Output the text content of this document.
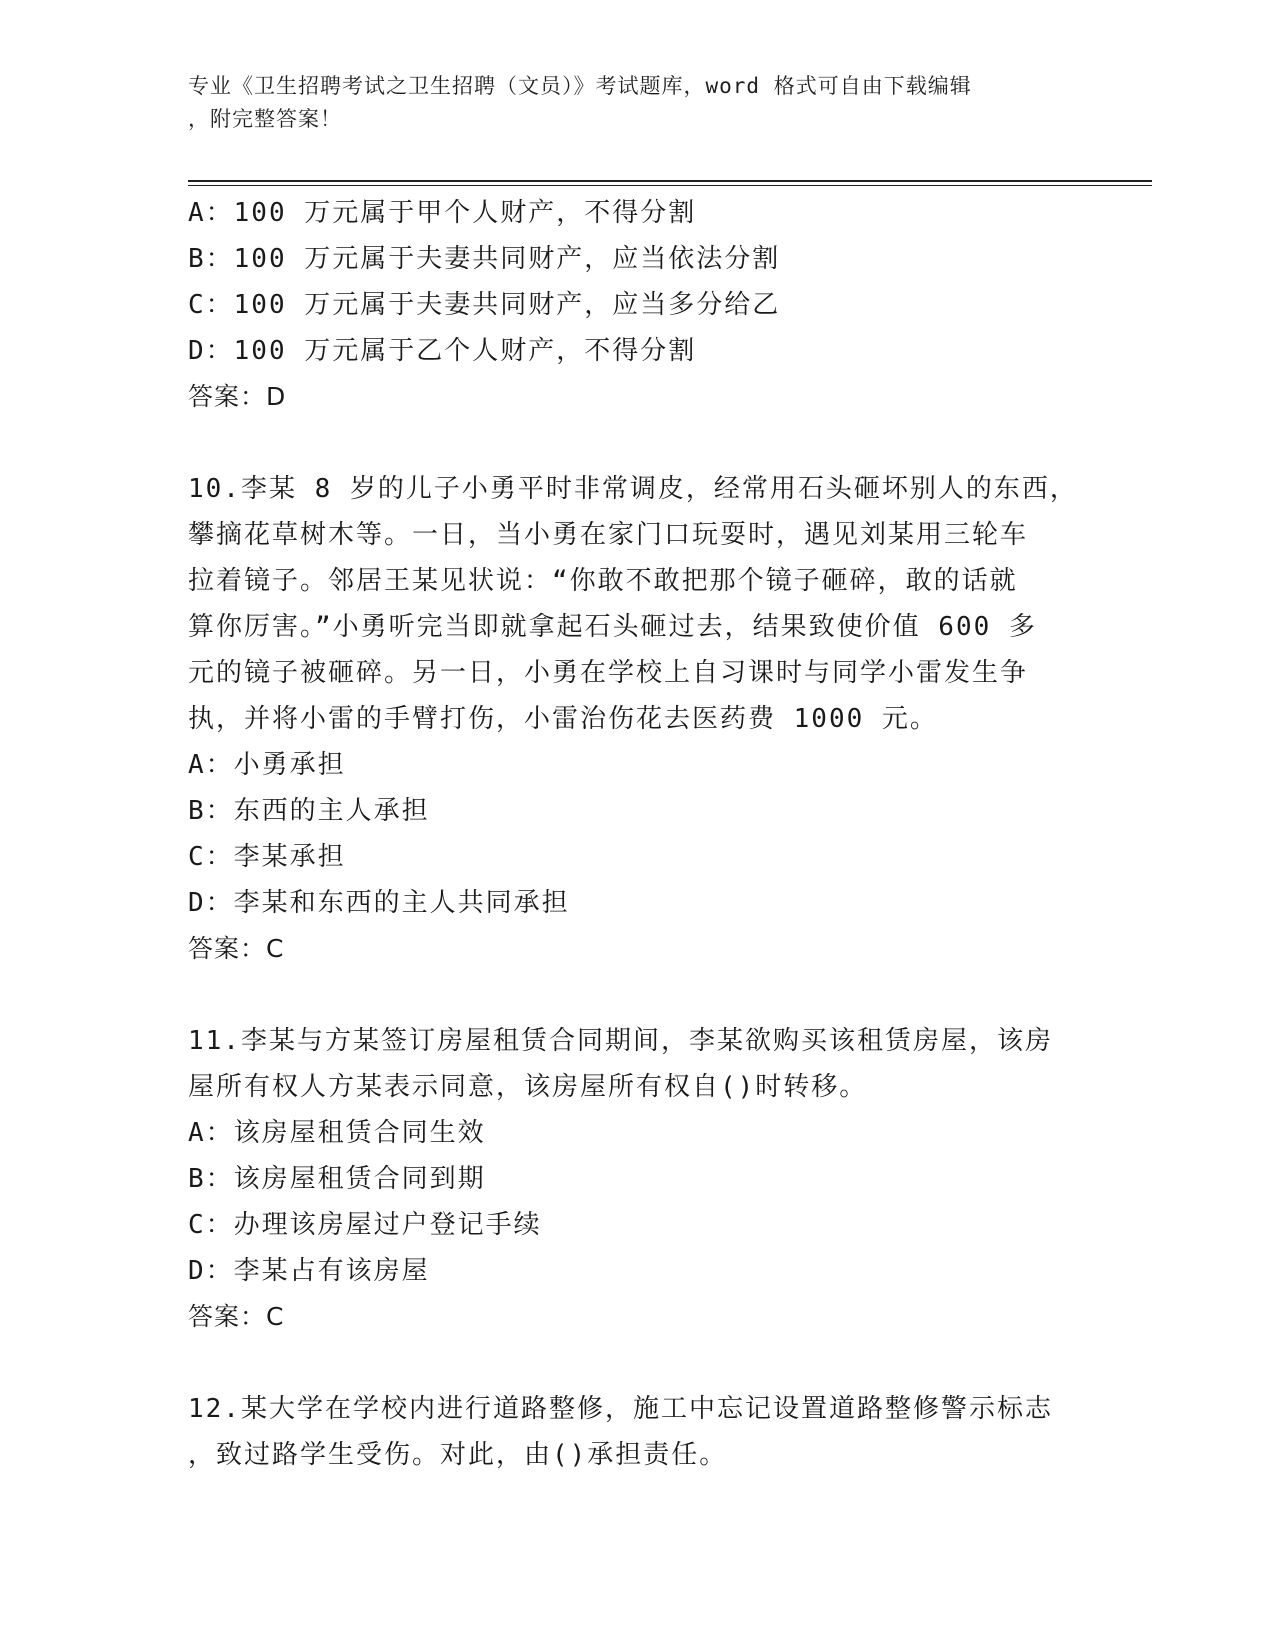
专业《卫生招聘考试之卫生招聘（文员）》考试题库，word 格式可自由下载编辑
，附完整答案！
A：100 万元属于甲个人财产，不得分割
B：100 万元属于夫妻共同财产，应当依法分割
C：100 万元属于夫妻共同财产，应当多分给乙
D：100 万元属于乙个人财产，不得分割
答案：D
10.李某 8 岁的儿子小勇平时非常调皮，经常用石头砸坏别人的东西，
攀摘花草树木等。一日，当小勇在家门口玩耍时，遇见刘某用三轮车
拉着镜子。邻居王某见状说：“你敢不敢把那个镜子砸碎，敢的话就
算你厉害。”小勇听完当即就拿起石头砸过去，结果致使价值 600 多
元的镜子被砸碎。另一日，小勇在学校上自习课时与同学小雷发生争
执，并将小雷的手臂打伤，小雷治伤花去医药费 1000 元。
A：小勇承担
B：东西的主人承担
C：李某承担
D：李某和东西的主人共同承担
答案：C
11.李某与方某签订房屋租赁合同期间，李某欲购买该租赁房屋，该房
屋所有权人方某表示同意，该房屋所有权自()时转移。
A：该房屋租赁合同生效
B：该房屋租赁合同到期
C：办理该房屋过户登记手续
D：李某占有该房屋
答案：C
12.某大学在学校内进行道路整修，施工中忘记设置道路整修警示标志
，致过路学生受伤。对此，由()承担责任。
